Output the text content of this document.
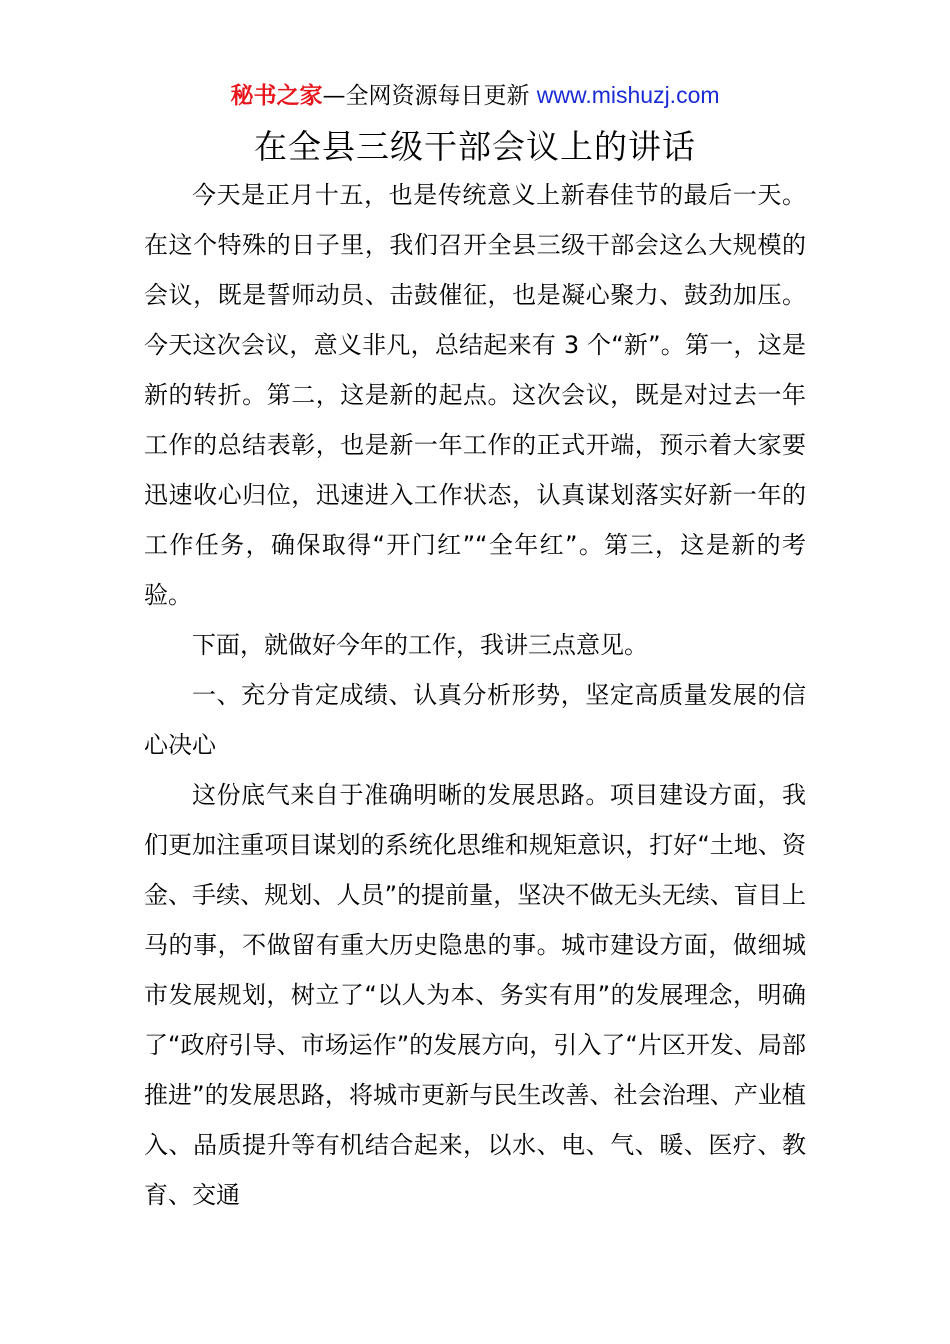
秘书之家—全网资源每日更新 www.mishuzj.com
在全县三级干部会议上的讲话

今天是正月十五，也是传统意义上新春佳节的最后一天。在这个特殊的日子里，我们召开全县三级干部会这么大规模的会议，既是誓师动员、击鼓催征，也是凝心聚力、鼓劲加压。今天这次会议，意义非凡，总结起来有 3 个“新”。第一，这是新的转折。第二，这是新的起点。这次会议，既是对过去一年工作的总结表彰，也是新一年工作的正式开端，预示着大家要迅速收心归位，迅速进入工作状态，认真谋划落实好新一年的工作任务，确保取得“开门红”“全年红”。第三，这是新的考验。

下面，就做好今年的工作，我讲三点意见。

一、充分肯定成绩、认真分析形势，坚定高质量发展的信心决心

这份底气来自于准确明晰的发展思路。项目建设方面，我们更加注重项目谋划的系统化思维和规矩意识，打好“土地、资金、手续、规划、人员”的提前量，坚决不做无头无续、盲目上马的事，不做留有重大历史隐患的事。城市建设方面，做细城市发展规划，树立了“以人为本、务实有用”的发展理念，明确了“政府引导、市场运作”的发展方向，引入了“片区开发、局部推进”的发展思路，将城市更新与民生改善、社会治理、产业植入、品质提升等有机结合起来，以水、电、气、暖、医疗、教育、交通
